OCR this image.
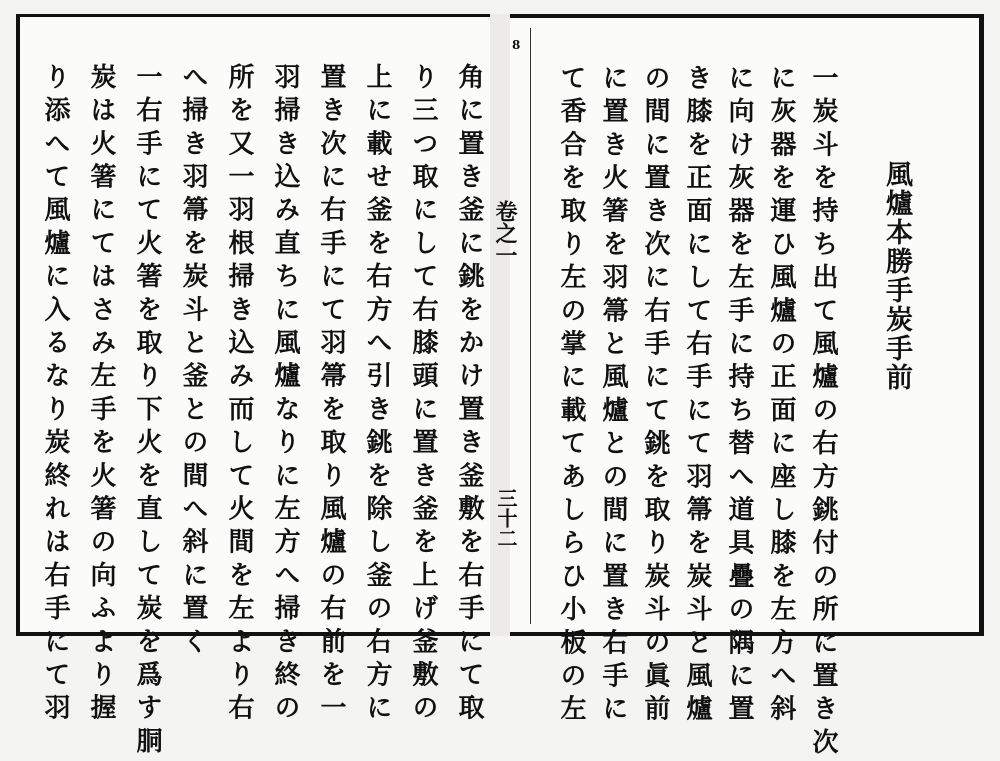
角に置き釜に銚をかけ置き釜敷を右手にて取
り三つ取にして右膝頭に置き釜を上げ釜敷の
上に載せ釜を右方へ引き銚を除し釜の右方に
置き次に右手にて羽箒を取り風爐の右前を一
羽掃き込み直ちに風爐なりに左方へ掃き終の
所を又一羽根掃き込み而して火間を左より右
へ掃き羽箒を炭斗と釜との間へ斜に置く
一右手にて火箸を取り下火を直して炭を爲す胴
炭は火箸にてはさみ左手を火箸の向ふより握
り添へて風爐に入るなり炭終れは右手にて羽	卷之一
三十二
8
風爐本勝手炭手前
一炭斗を持ち出て風爐の右方銚付の所に置き次
に灰器を運ひ風爐の正面に座し膝を左方へ斜
に向け灰器を左手に持ち替へ道具疊の隅に置
き膝を正面にして右手にて羽箒を炭斗と風爐
の間に置き次に右手にて銚を取り炭斗の眞前
に置き火箸を羽箒と風爐との間に置き右手に
て香合を取り左の掌に載てあしらひ小板の左
